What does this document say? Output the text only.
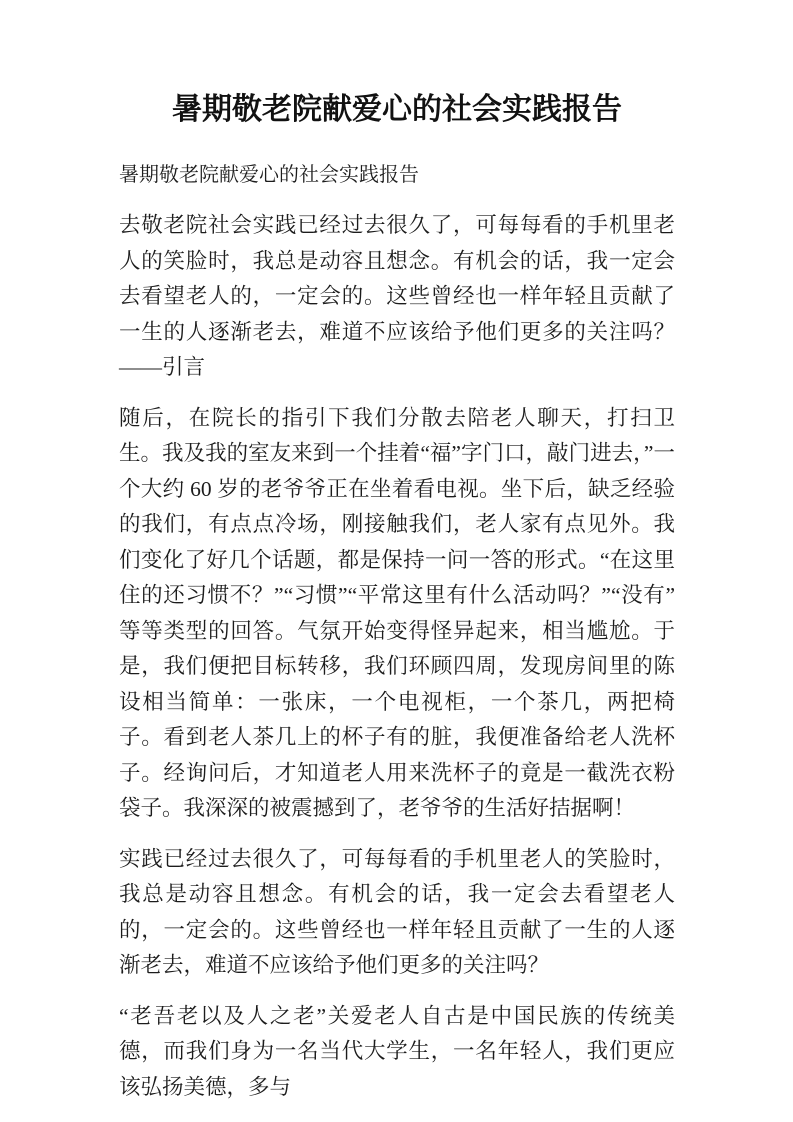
暑期敬老院献爱心的社会实践报告

暑期敬老院献爱心的社会实践报告

去敬老院社会实践已经过去很久了，可每每看的手机里老人的笑脸时，我总是动容且想念。有机会的话，我一定会去看望老人的，一定会的。这些曾经也一样年轻且贡献了一生的人逐渐老去，难道不应该给予他们更多的关注吗？——引言

随后，在院长的指引下我们分散去陪老人聊天，打扫卫生。我及我的室友来到一个挂着“福”字门口，敲门进去，”一个大约 60 岁的老爷爷正在坐着看电视。坐下后，缺乏经验的我们，有点点冷场，刚接触我们，老人家有点见外。我们变化了好几个话题，都是保持一问一答的形式。“在这里住的还习惯不？”“习惯”“平常这里有什么活动吗？”“没有”等等类型的回答。气氛开始变得怪异起来，相当尴尬。于是，我们便把目标转移，我们环顾四周，发现房间里的陈设相当简单：一张床，一个电视柜，一个茶几，两把椅子。看到老人茶几上的杯子有的脏，我便准备给老人洗杯子。经询问后，才知道老人用来洗杯子的竟是一截洗衣粉袋子。我深深的被震撼到了，老爷爷的生活好拮据啊！

实践已经过去很久了，可每每看的手机里老人的笑脸时，我总是动容且想念。有机会的话，我一定会去看望老人的，一定会的。这些曾经也一样年轻且贡献了一生的人逐渐老去，难道不应该给予他们更多的关注吗？

“老吾老以及人之老”关爱老人自古是中国民族的传统美德，而我们身为一名当代大学生，一名年轻人，我们更应该弘扬美德，多与
